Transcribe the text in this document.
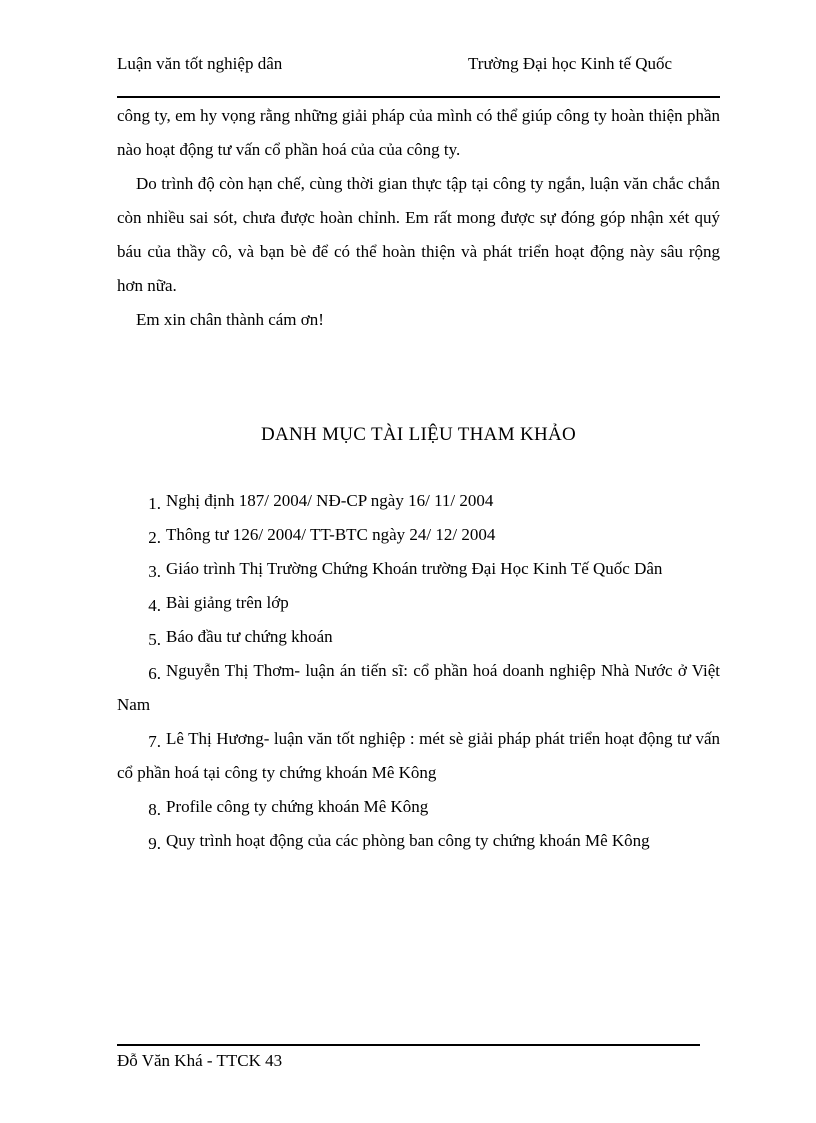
Luận văn tốt nghiệp dân	Trường Đại học Kinh tế Quốc

công ty, em hy vọng rằng những giải pháp của mình có thể giúp công ty hoàn thiện phần nào hoạt động tư vấn cổ phần hoá của của công ty.

Do trình độ còn hạn chế, cùng thời gian thực tập tại công ty ngắn, luận văn chắc chắn còn nhiều sai sót, chưa được hoàn chỉnh. Em rất mong được sự đóng góp nhận xét quý báu của thầy cô, và bạn bè để có thể hoàn thiện và phát triển hoạt động này sâu rộng hơn nữa.

Em xin chân thành cám ơn!

DANH MỤC TÀI LIỆU THAM KHẢO
1. Nghị định 187/ 2004/ NĐ-CP ngày 16/ 11/ 2004
2. Thông tư 126/ 2004/ TT-BTC ngày 24/ 12/ 2004
3. Giáo trình Thị Trường Chứng Khoán trường Đại Học Kinh Tế Quốc Dân
4. Bài giảng trên lớp
5. Báo đầu tư chứng khoán
6. Nguyễn Thị Thơm- luận án tiến sĩ: cổ phần hoá doanh nghiệp Nhà Nước ở Việt Nam
7. Lê Thị Hương- luận văn tốt nghiệp : mét sè giải pháp phát triển hoạt động tư vấn cổ phần hoá tại công ty chứng khoán Mê Kông
8. Profile công ty chứng khoán Mê Kông
9. Quy trình hoạt động của các phòng ban công ty chứng khoán Mê Kông
Đỗ Văn Khá - TTCK 43
